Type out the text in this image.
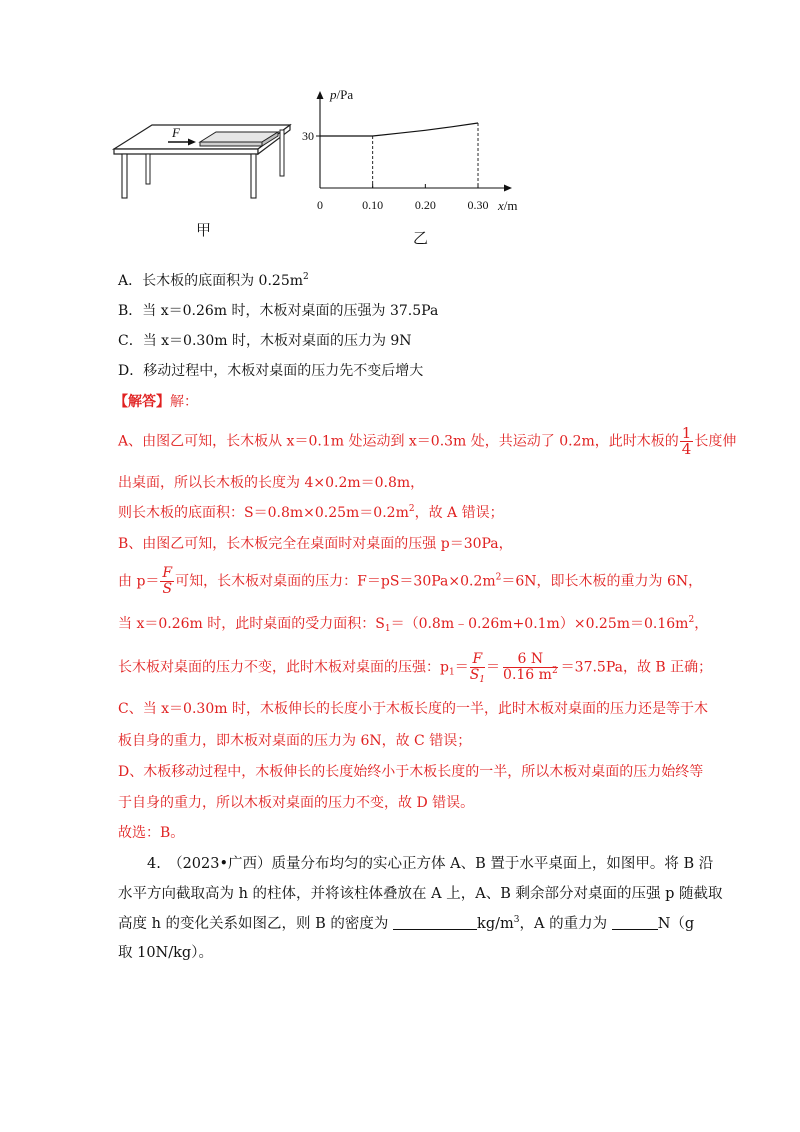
F
甲
30
0	0.10	0.20	0.30
p/Pa
x/m
乙
A．长木板的底面积为 $0.25m^2$
B．当 x＝0.26m 时，木板对桌面的压强为 37.5Pa
C．当 x＝0.30m 时，木板对桌面的压力为 9N
D．移动过程中，木板对桌面的压力先不变后增大
【解答】解：
A、由图乙可知，长木板从 x＝0.1m 处运动到 x＝0.3m 处，共运动了 0.2m，此时木板的 $\frac{1}{4}$ 长度伸
出桌面，所以长木板的长度为 4×0.2m＝0.8m，
则长木板的底面积：$S=0.8m\times 0.25m=0.2m^2$，故 A 错误；
B、由图乙可知，长木板完全在桌面时对桌面的压强 p＝30Pa，
由 $p= \frac{F}{S}$ 可知，长木板对桌面的压力：$F=pS=30Pa\times 0.2m^2=6N$，即长木板的重力为 6N，
当 x＝0.26m 时，此时桌面的受力面积：$S_1=(0.8m﹣0.26m+0.1m)\times 0.25m=0.16m^2$，
长木板对桌面的压力不变，此时木板对桌面的压强：$p_1= \frac{F}{S_1} = \frac{6 N}{0.16 m^2} =37.5Pa$，故 B 正确；
C、当 x＝0.30m 时，木板伸长的长度小于木板长度的一半，此时木板对桌面的压力还是等于木
板自身的重力，即木板对桌面的压力为 6N，故 C 错误；
D、木板移动过程中，木板伸长的长度始终小于木板长度的一半，所以木板对桌面的压力始终等
于自身的重力，所以木板对桌面的压力不变，故 D 错误。
故选：B。
4.　（2023•广西）质量分布均匀的实心正方体 A、B 置于水平桌面上，如图甲。将 B 沿
水平方向截取高为 h 的柱体，并将该柱体叠放在 A 上，A、B 剩余部分对桌面的压强 p 随截取
高度 h 的变化关系如图乙，则 B 的密度为	$kg/m^3$，A 的重力为	N（g
取 10N/kg）。
